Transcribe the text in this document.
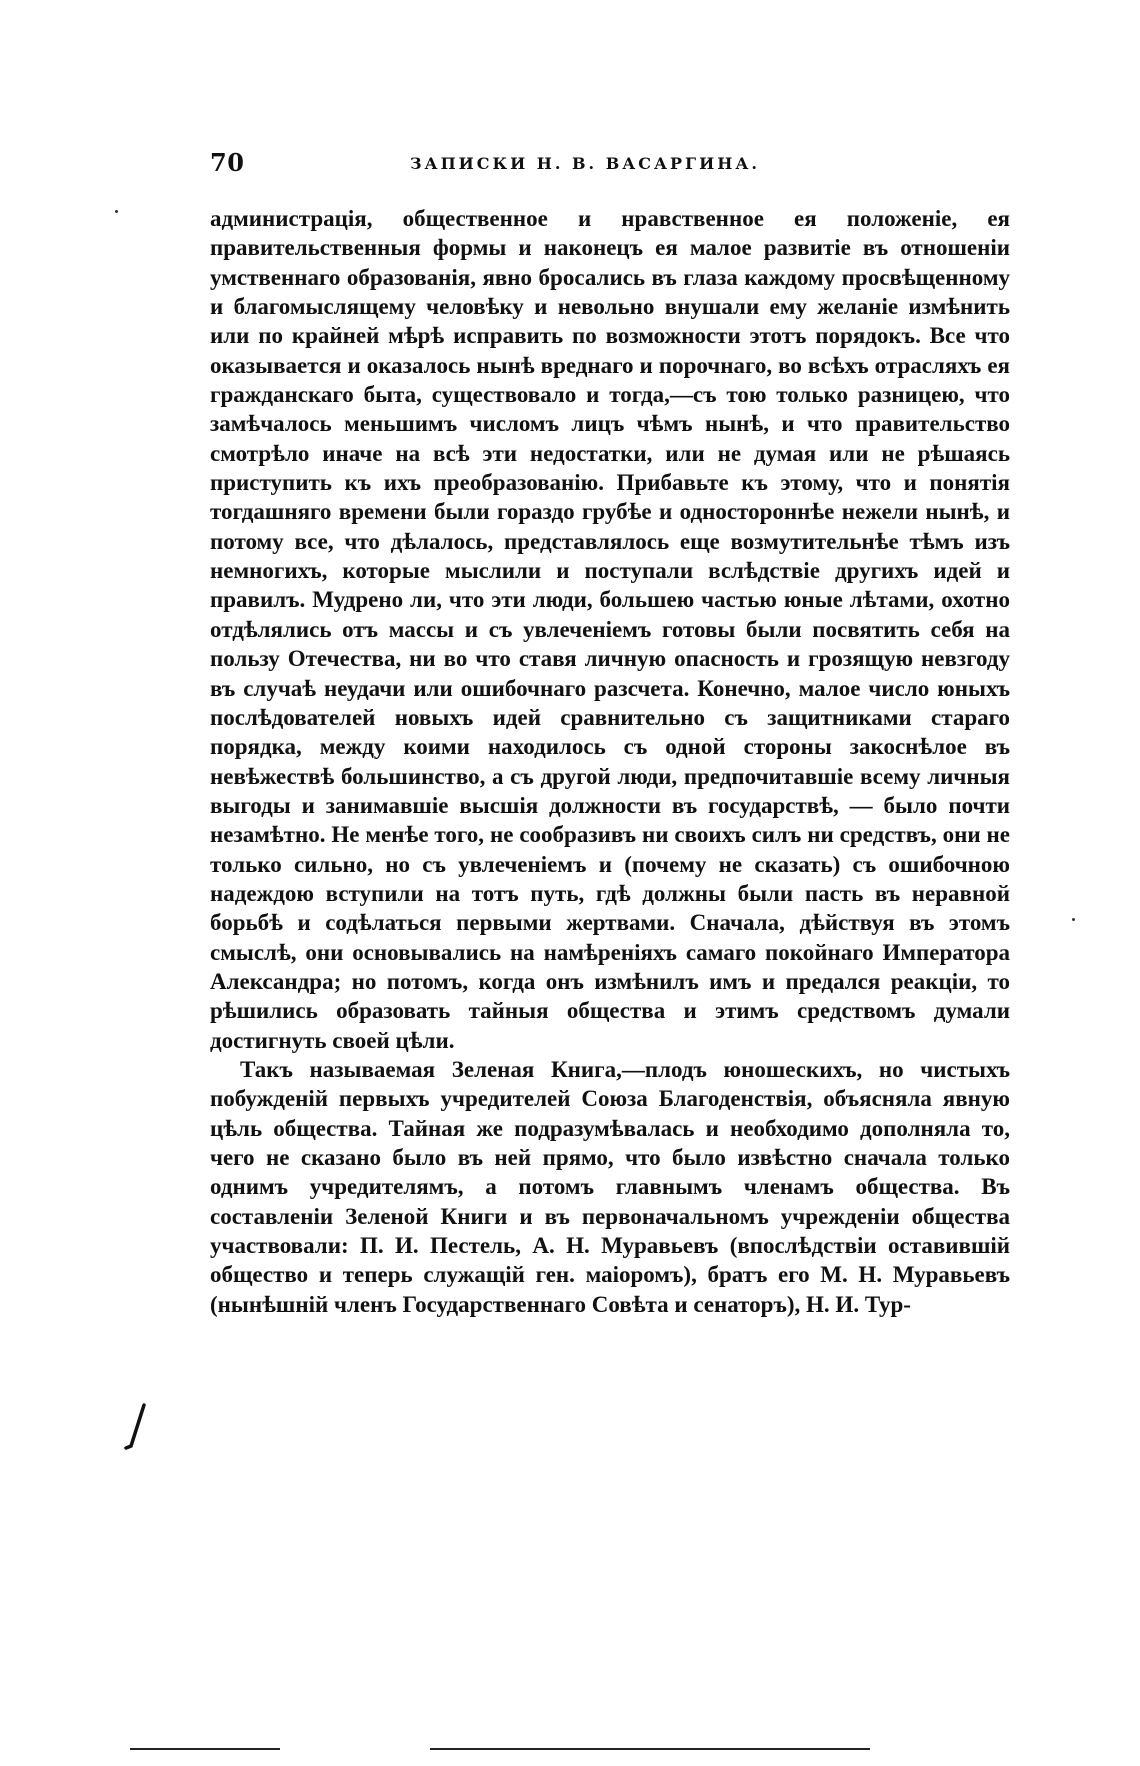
70	ЗАПИСКИ Н. В. ВАСАРГИНА.

администрація, общественное и нравственное ея положеніе, ея правительственныя формы и наконецъ ея малое развитіе въ отношеніи умственнаго образованія, явно бросались въ глаза каждому просвѣщенному и благомыслящему человѣку и невольно внушали ему желаніе измѣнить или по крайней мѣрѣ исправить по возможности этотъ порядокъ. Все что оказывается и оказалось нынѣ вреднаго и порочнаго, во всѣхъ отрасляхъ ея гражданскаго быта, существовало и тогда,—съ тою только разницею, что замѣчалось меньшимъ числомъ лицъ чѣмъ нынѣ, и что правительство смотрѣло иначе на всѣ эти недостатки, или не думая или не рѣшаясь приступить къ ихъ преобразованію. Прибавьте къ этому, что и понятія тогдашняго времени были гораздо грубѣе и одностороннѣе нежели нынѣ, и потому все, что дѣлалось, представлялось еще возмутительнѣе тѣмъ изъ немногихъ, которые мыслили и поступали вслѣдствіе другихъ идей и правилъ. Мудрено ли, что эти люди, большею частью юные лѣтами, охотно отдѣлялись отъ массы и съ увлеченіемъ готовы были посвятить себя на пользу Отечества, ни во что ставя личную опасность и грозящую невзгоду въ случаѣ неудачи или ошибочнаго разсчета. Конечно, малое число юныхъ послѣдователей новыхъ идей сравнительно съ защитниками стараго порядка, между коими находилось съ одной стороны закоснѣлое въ невѣжествѣ большинство, а съ другой люди, предпочитавшіе всему личныя выгоды и занимавшіе высшія должности въ государствѣ, — было почти незамѣтно. Не менѣе того, не сообразивъ ни своихъ силъ ни средствъ, они не только сильно, но съ увлеченіемъ и (почему не сказать) съ ошибочною надеждою вступили на тотъ путь, гдѣ должны были пасть въ неравной борьбѣ и содѣлаться первыми жертвами. Сначала, дѣйствуя въ этомъ смыслѣ, они основывались на намѣреніяхъ самаго покойнаго Императора Александра; но потомъ, когда онъ измѣнилъ имъ и предался реакціи, то рѣшились образовать тайныя общества и этимъ средствомъ думали достигнуть своей цѣли.

Такъ называемая Зеленая Книга,—плодъ юношескихъ, но чистыхъ побужденій первыхъ учредителей Союза Благоденствія, объясняла явную цѣль общества. Тайная же подразумѣвалась и необходимо дополняла то, чего не сказано было въ ней прямо, что было извѣстно сначала только однимъ учредителямъ, а потомъ главнымъ членамъ общества. Въ составленіи Зеленой Книги и въ первоначальномъ учрежденіи общества участвовали: П. И. Пестель, А. Н. Муравьевъ (впослѣдствіи оставившій общество и теперь служащій ген. маіоромъ), братъ его М. Н. Муравьевъ (нынѣшній членъ Государственнаго Совѣта и сенаторъ), Н. И. Тур-
